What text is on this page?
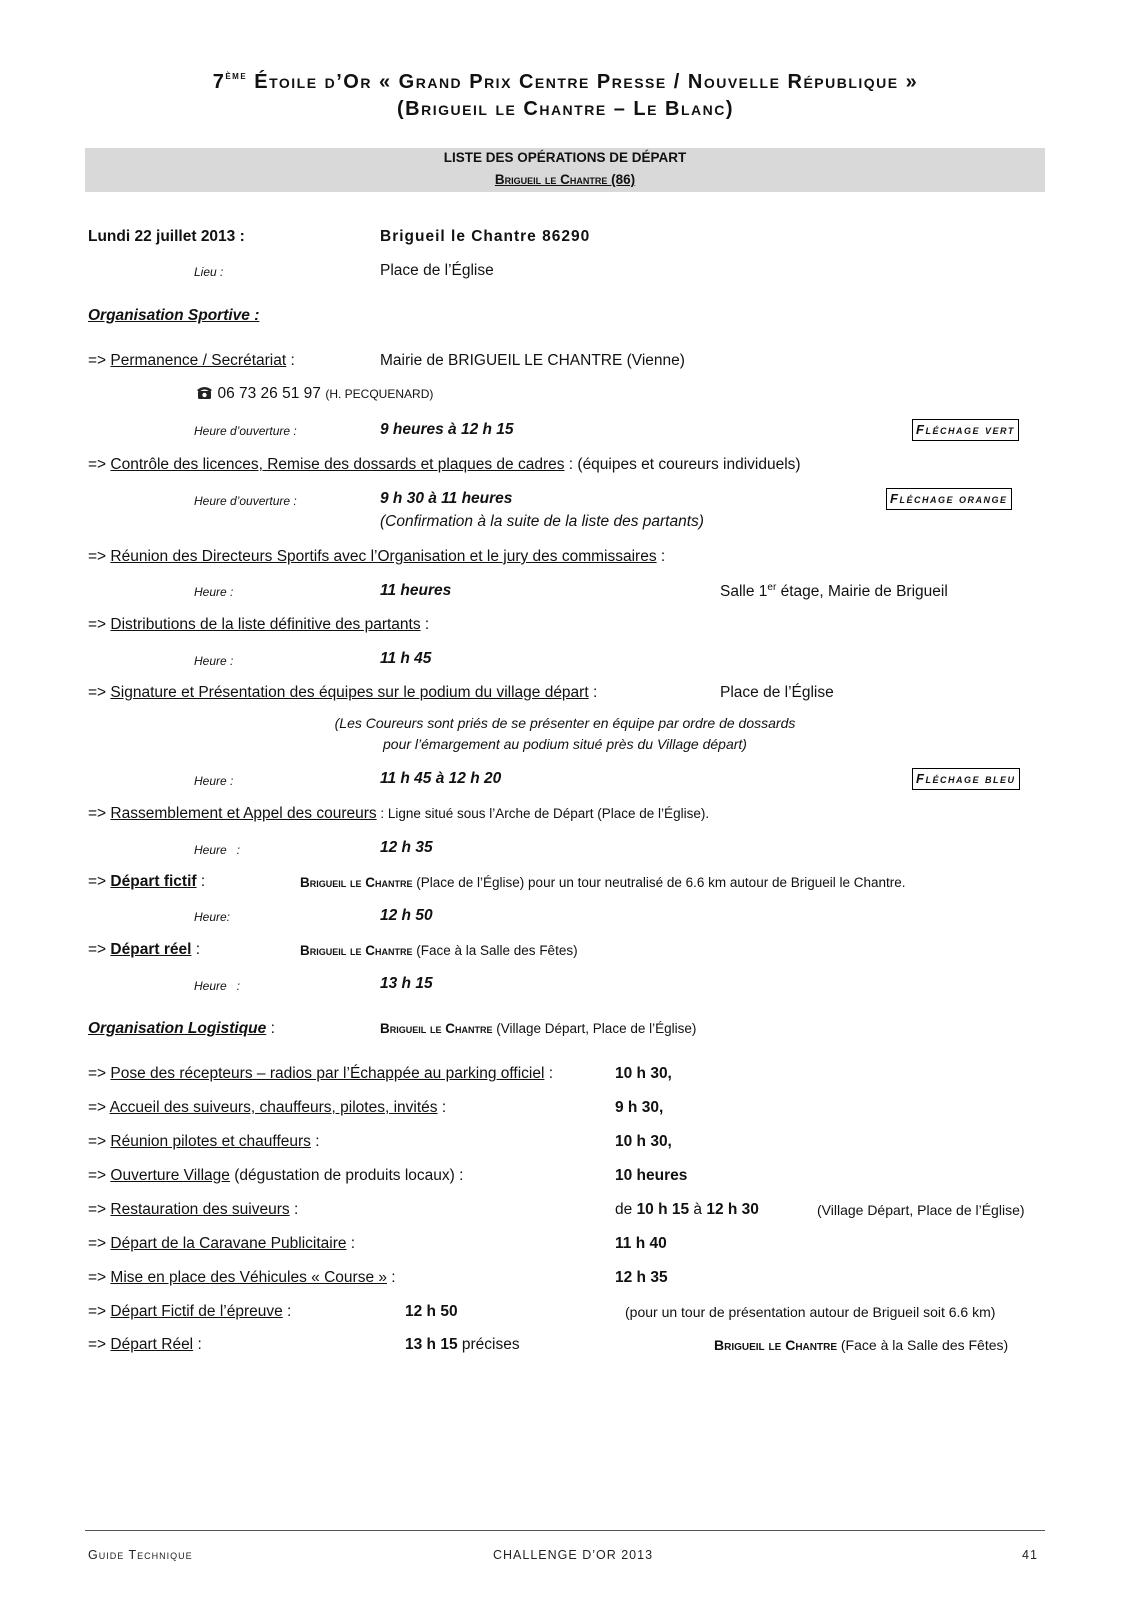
7ème Étoile d’Or « Grand Prix Centre Presse / Nouvelle République »
(Brigueil le Chantre – Le Blanc)
LISTE DES OPÉRATIONS DE DÉPART
Brigueil le Chantre (86)
Lundi 22 juillet 2013 :	Brigueil le Chantre 86290
Lieu :	Place de l’Église
Organisation Sportive :
=> Permanence / Secrétariat :	Mairie de BRIGUEIL LE CHANTRE (Vienne)
06 73 26 51 97 (H. PECQUENARD)
Heure d’ouverture :	9 heures à 12 h 15	Fléchage vert
=> Contrôle des licences, Remise des dossards et plaques de cadres : (équipes et coureurs individuels)
Heure d’ouverture :	9 h 30 à 11 heures
(Confirmation à la suite de la liste des partants)
Fléchage orange
=> Réunion des Directeurs Sportifs avec l’Organisation et le jury des commissaires :
Heure :	11 heures	Salle 1er étage, Mairie de Brigueil
=> Distributions de la liste définitive des partants :
Heure :	11 h 45
=> Signature et Présentation des équipes sur le podium du village départ :	Place de l’Église
(Les Coureurs sont priés de se présenter en équipe par ordre de dossards
pour l’émargement au podium situé près du Village départ)
Heure :	11 h 45 à 12 h 20	Fléchage bleu
=> Rassemblement et Appel des coureurs : Ligne situé sous l’Arche de Départ (Place de l’Église).
Heure   :	12 h 35
=> Départ fictif :	Brigueil le Chantre (Place de l’Église) pour un tour neutralisé de 6.6 km autour de Brigueil le Chantre.
Heure:	12 h 50
=> Départ réel :	Brigueil le Chantre (Face à la Salle des Fêtes)
Heure   :	13 h 15
Organisation Logistique :	Brigueil le Chantre (Village Départ, Place de l’Église)
=> Pose des récepteurs – radios par l’Échappée au parking officiel :	10 h 30,
=> Accueil des suiveurs, chauffeurs, pilotes, invités :	9 h 30,
=> Réunion pilotes et chauffeurs :	10 h 30,
=> Ouverture Village (dégustation de produits locaux) :	10 heures
=> Restauration des suiveurs :	de 10 h 15 à 12 h 30	(Village Départ, Place de l’Église)
=> Départ de la Caravane Publicitaire :	11 h 40
=> Mise en place des Véhicules « Course » :	12 h 35
=> Départ Fictif de l’épreuve :	12 h 50	(pour un tour de présentation autour de Brigueil soit 6.6 km)
=> Départ Réel :	13 h 15 précises	Brigueil le Chantre (Face à la Salle des Fêtes)
Guide Technique	CHALLENGE D’OR 2013	41
